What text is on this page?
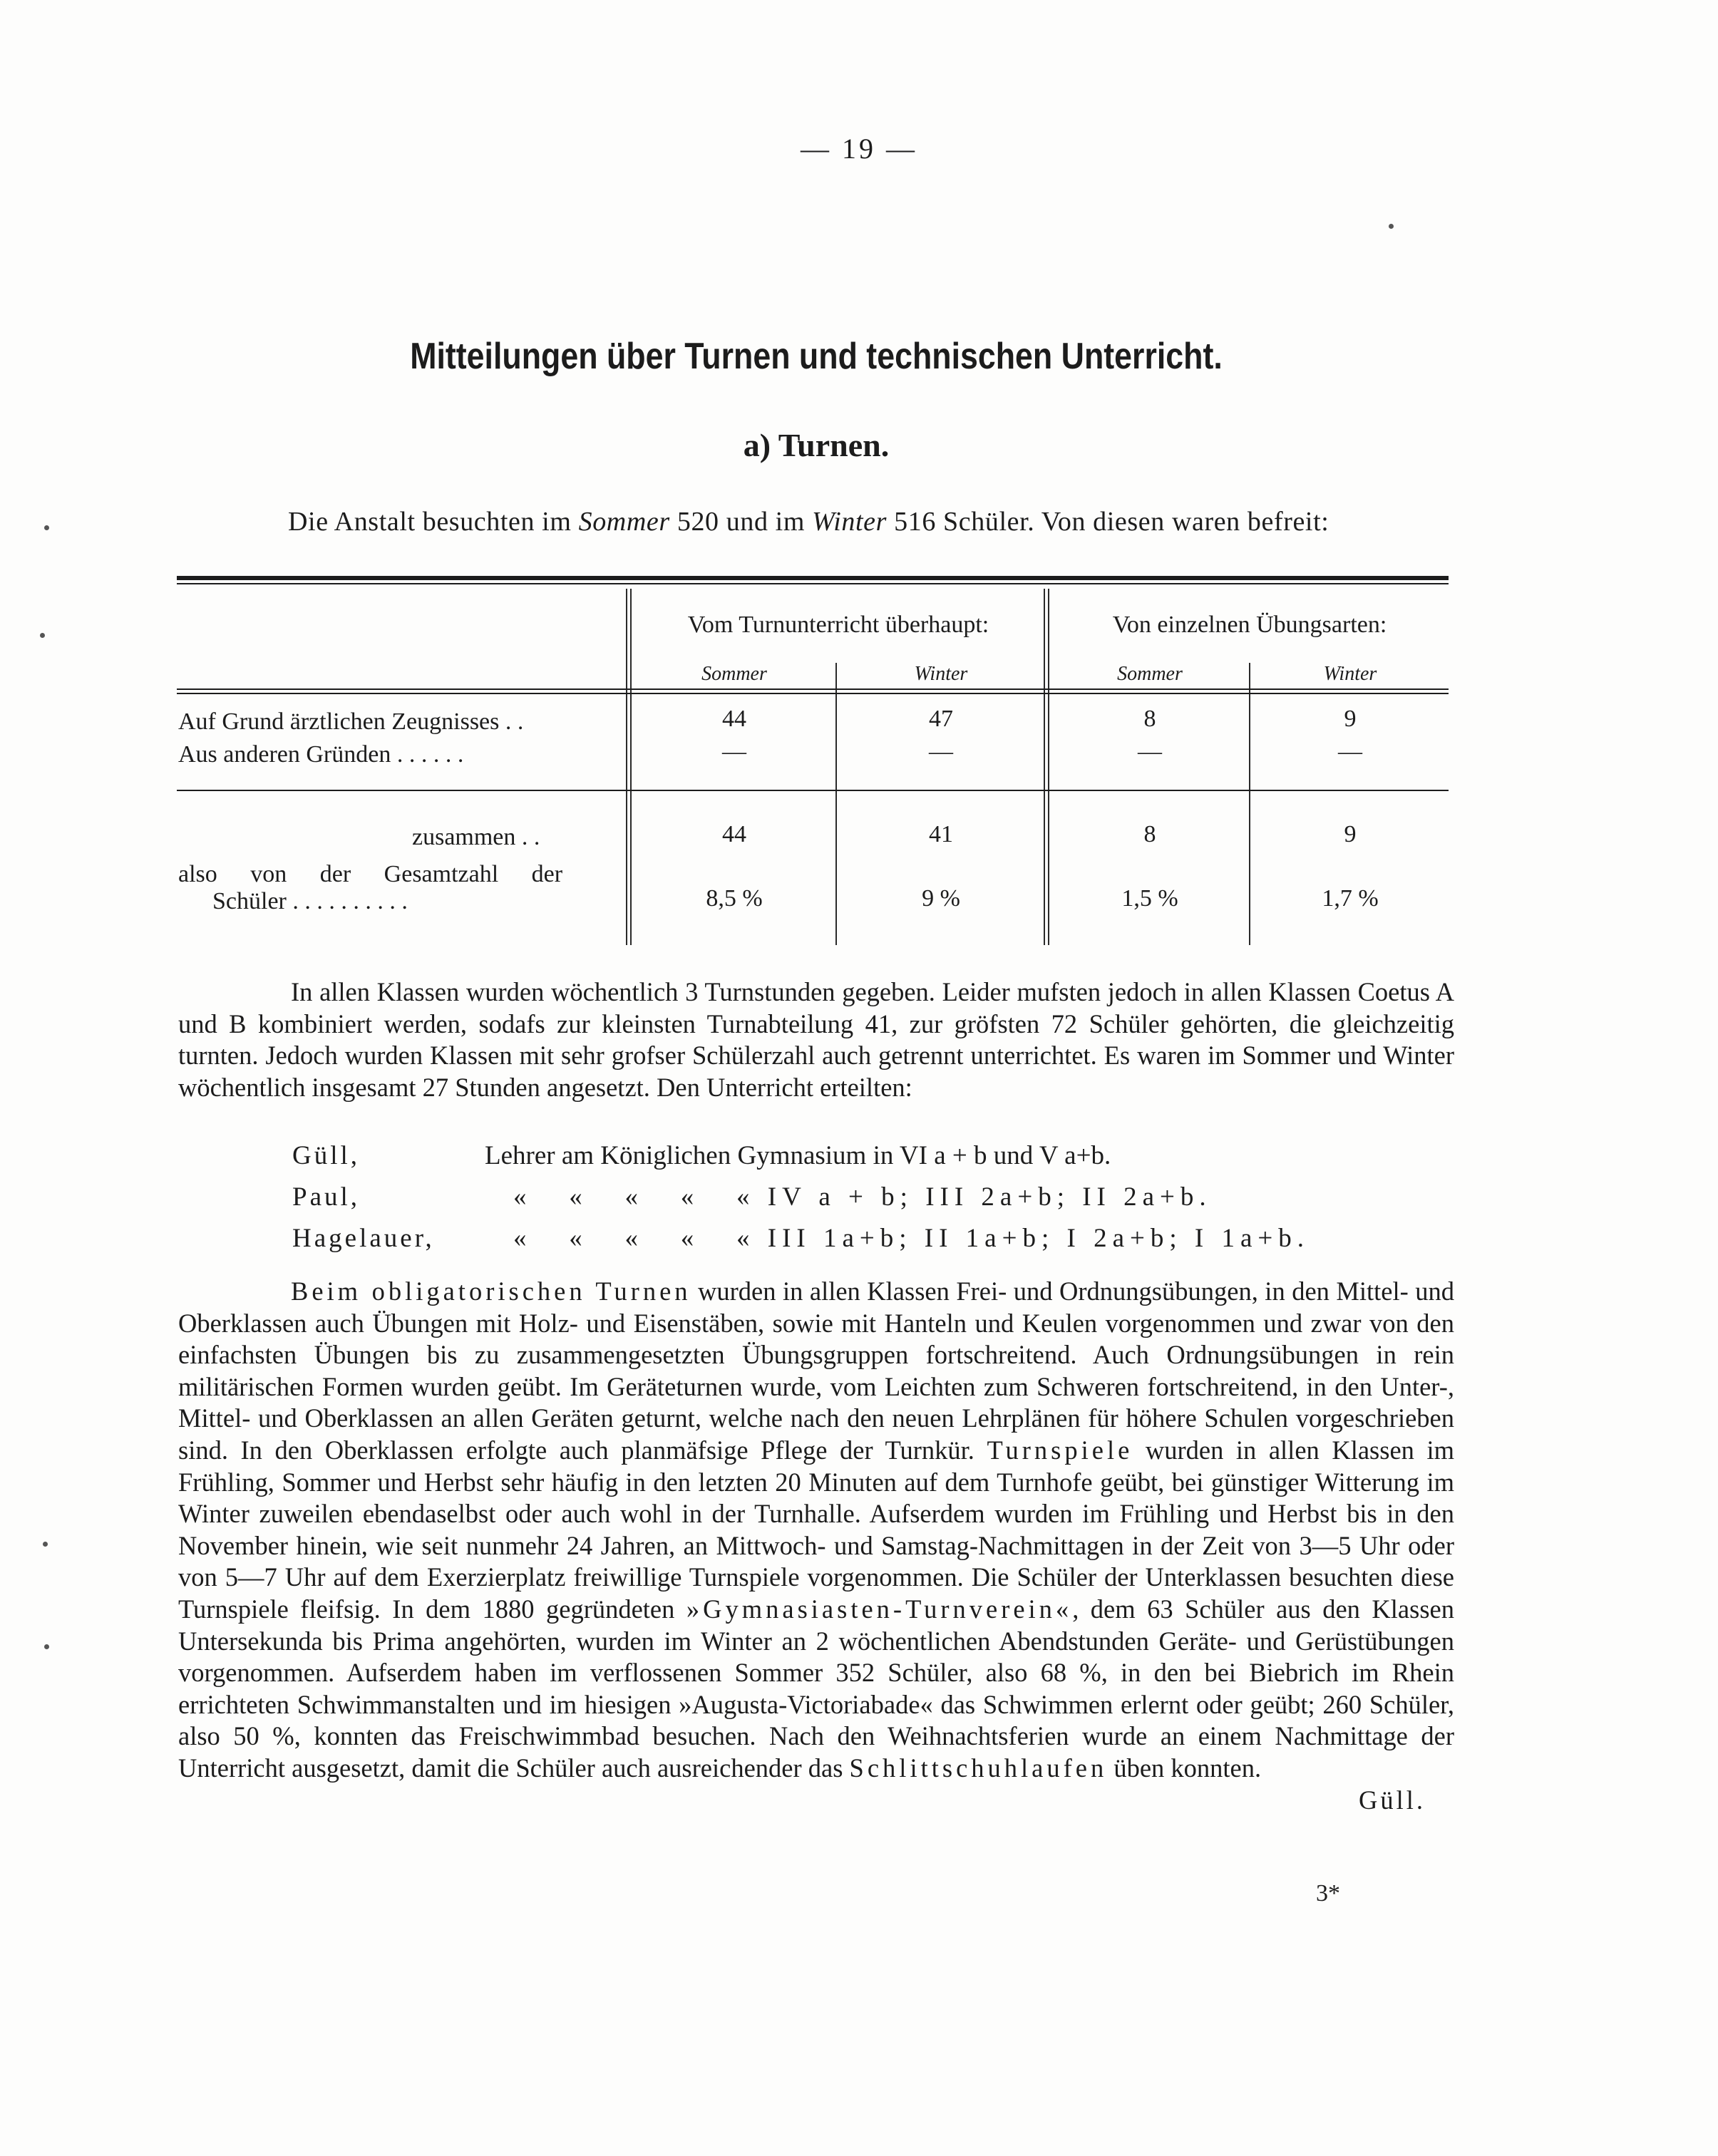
— 19 —
Mitteilungen über Turnen und technischen Unterricht.
a) Turnen.
Die Anstalt besuchten im Sommer 520 und im Winter 516 Schüler. Von diesen waren befreit:
Vom Turnunterricht überhaupt:	Von einzelnen Übungsarten:
Sommer	Winter	Sommer	Winter
Auf Grund ärztlichen Zeugnisses . .	44	47	8	9
Aus anderen Gründen . . . . . .	—	—	—	—
zusammen . .	44	41	8	9
also von der Gesamtzahl der
Schüler . . . . . . . . . .	8,5 %	9 %	1,5 %	1,7 %

In allen Klassen wurden wöchentlich 3 Turnstunden gegeben. Leider mufsten jedoch in allen Klassen Coetus A und B kombiniert werden, sodafs zur kleinsten Turnabteilung 41, zur gröfsten 72 Schüler gehörten, die gleichzeitig turnten. Jedoch wurden Klassen mit sehr grofser Schülerzahl auch getrennt unterrichtet. Es waren im Sommer und Winter wöchentlich insgesamt 27 Stunden angesetzt. Den Unterricht erteilten:

Güll,	Lehrer am Königlichen Gymnasium in VI a + b und V a+b.
Paul,	«   «   «   «   « IV a + b; III 2a+b; II 2a+b.
Hagelauer,	«   «   «   «   « III 1a+b; II 1a+b; I 2a+b; I 1a+b.

Beim obligatorischen Turnen wurden in allen Klassen Frei- und Ordnungsübungen, in den Mittel- und Oberklassen auch Übungen mit Holz- und Eisenstäben, sowie mit Hanteln und Keulen vorgenommen und zwar von den einfachsten Übungen bis zu zusammengesetzten Übungsgruppen fortschreitend. Auch Ordnungsübungen in rein militärischen Formen wurden geübt. Im Geräteturnen wurde, vom Leichten zum Schweren fortschreitend, in den Unter-, Mittel- und Oberklassen an allen Geräten geturnt, welche nach den neuen Lehrplänen für höhere Schulen vorgeschrieben sind. In den Oberklassen erfolgte auch planmäfsige Pflege der Turnkür. Turnspiele wurden in allen Klassen im Frühling, Sommer und Herbst sehr häufig in den letzten 20 Minuten auf dem Turnhofe geübt, bei günstiger Witterung im Winter zuweilen ebendaselbst oder auch wohl in der Turnhalle. Aufserdem wurden im Frühling und Herbst bis in den November hinein, wie seit nunmehr 24 Jahren, an Mittwoch- und Samstag-Nachmittagen in der Zeit von 3—5 Uhr oder von 5—7 Uhr auf dem Exerzierplatz freiwillige Turnspiele vorgenommen. Die Schüler der Unterklassen besuchten diese Turnspiele fleifsig. In dem 1880 gegründeten »Gymnasiasten-Turnverein«, dem 63 Schüler aus den Klassen Untersekunda bis Prima angehörten, wurden im Winter an 2 wöchentlichen Abendstunden Geräte- und Gerüstübungen vorgenommen. Aufserdem haben im verflossenen Sommer 352 Schüler, also 68 %, in den bei Biebrich im Rhein errichteten Schwimmanstalten und im hiesigen »Augusta-Victoriabade« das Schwimmen erlernt oder geübt; 260 Schüler, also 50 %, konnten das Freischwimmbad besuchen. Nach den Weihnachtsferien wurde an einem Nachmittage der Unterricht ausgesetzt, damit die Schüler auch ausreichender das Schlittschuhlaufen üben konnten.
Güll.

3*
